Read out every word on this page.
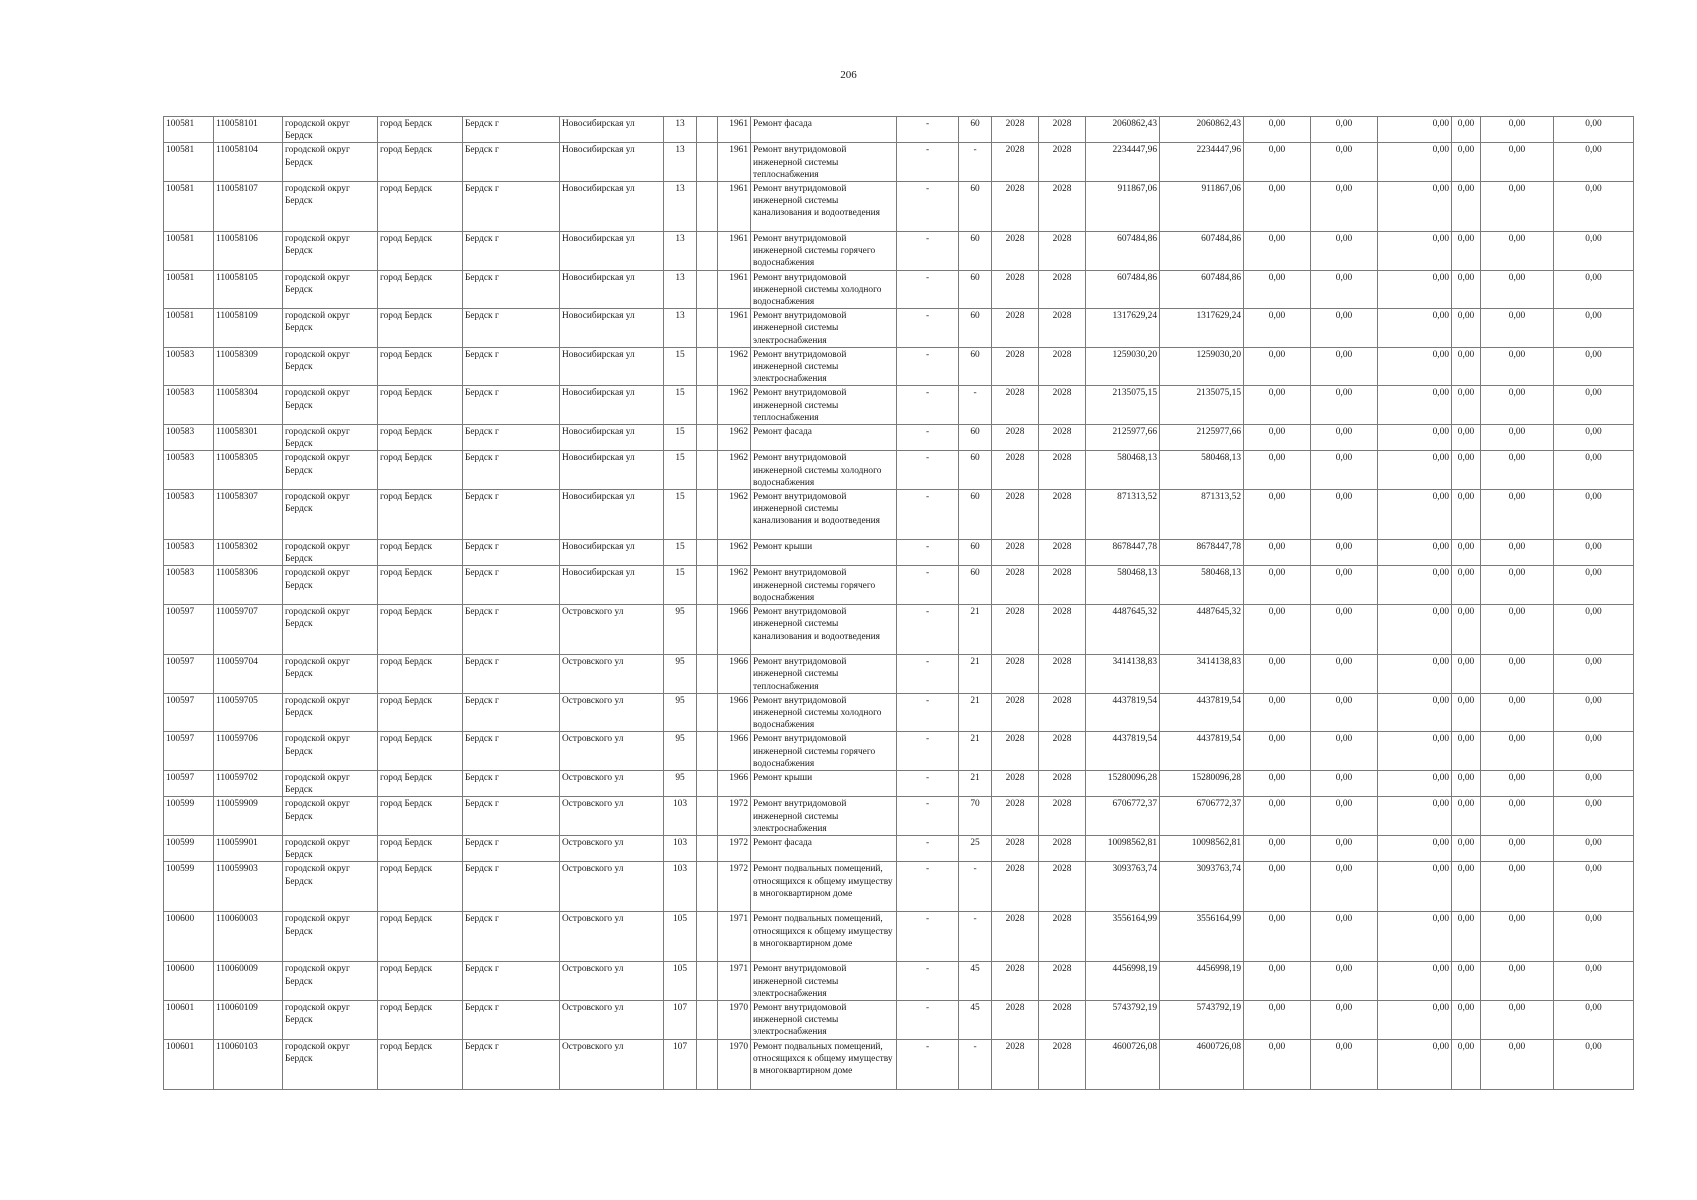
206
100581	110058101	городской округ Бердск	город Бердск	Бердск г	Новосибирская ул	13		1961	Ремонт фасада	-	60	2028	2028	2060862,43	2060862,43	0,00	0,00	0,00	0,00	0,00	0,00
100581	110058104	городской округ Бердск	город Бердск	Бердск г	Новосибирская ул	13		1961	Ремонт внутридомовой инженерной системы теплоснабжения	-	-	2028	2028	2234447,96	2234447,96	0,00	0,00	0,00	0,00	0,00	0,00
100581	110058107	городской округ Бердск	город Бердск	Бердск г	Новосибирская ул	13		1961	Ремонт внутридомовой инженерной системы канализования и водоотведения	-	60	2028	2028	911867,06	911867,06	0,00	0,00	0,00	0,00	0,00	0,00
100581	110058106	городской округ Бердск	город Бердск	Бердск г	Новосибирская ул	13		1961	Ремонт внутридомовой инженерной системы горячего водоснабжения	-	60	2028	2028	607484,86	607484,86	0,00	0,00	0,00	0,00	0,00	0,00
100581	110058105	городской округ Бердск	город Бердск	Бердск г	Новосибирская ул	13		1961	Ремонт внутридомовой инженерной системы холодного водоснабжения	-	60	2028	2028	607484,86	607484,86	0,00	0,00	0,00	0,00	0,00	0,00
100581	110058109	городской округ Бердск	город Бердск	Бердск г	Новосибирская ул	13		1961	Ремонт внутридомовой инженерной системы электроснабжения	-	60	2028	2028	1317629,24	1317629,24	0,00	0,00	0,00	0,00	0,00	0,00
100583	110058309	городской округ Бердск	город Бердск	Бердск г	Новосибирская ул	15		1962	Ремонт внутридомовой инженерной системы электроснабжения	-	60	2028	2028	1259030,20	1259030,20	0,00	0,00	0,00	0,00	0,00	0,00
100583	110058304	городской округ Бердск	город Бердск	Бердск г	Новосибирская ул	15		1962	Ремонт внутридомовой инженерной системы теплоснабжения	-	-	2028	2028	2135075,15	2135075,15	0,00	0,00	0,00	0,00	0,00	0,00
100583	110058301	городской округ Бердск	город Бердск	Бердск г	Новосибирская ул	15		1962	Ремонт фасада	-	60	2028	2028	2125977,66	2125977,66	0,00	0,00	0,00	0,00	0,00	0,00
100583	110058305	городской округ Бердск	город Бердск	Бердск г	Новосибирская ул	15		1962	Ремонт внутридомовой инженерной системы холодного водоснабжения	-	60	2028	2028	580468,13	580468,13	0,00	0,00	0,00	0,00	0,00	0,00
100583	110058307	городской округ Бердск	город Бердск	Бердск г	Новосибирская ул	15		1962	Ремонт внутридомовой инженерной системы канализования и водоотведения	-	60	2028	2028	871313,52	871313,52	0,00	0,00	0,00	0,00	0,00	0,00
100583	110058302	городской округ Бердск	город Бердск	Бердск г	Новосибирская ул	15		1962	Ремонт крыши	-	60	2028	2028	8678447,78	8678447,78	0,00	0,00	0,00	0,00	0,00	0,00
100583	110058306	городской округ Бердск	город Бердск	Бердск г	Новосибирская ул	15		1962	Ремонт внутридомовой инженерной системы горячего водоснабжения	-	60	2028	2028	580468,13	580468,13	0,00	0,00	0,00	0,00	0,00	0,00
100597	110059707	городской округ Бердск	город Бердск	Бердск г	Островского ул	95		1966	Ремонт внутридомовой инженерной системы канализования и водоотведения	-	21	2028	2028	4487645,32	4487645,32	0,00	0,00	0,00	0,00	0,00	0,00
100597	110059704	городской округ Бердск	город Бердск	Бердск г	Островского ул	95		1966	Ремонт внутридомовой инженерной системы теплоснабжения	-	21	2028	2028	3414138,83	3414138,83	0,00	0,00	0,00	0,00	0,00	0,00
100597	110059705	городской округ Бердск	город Бердск	Бердск г	Островского ул	95		1966	Ремонт внутридомовой инженерной системы холодного водоснабжения	-	21	2028	2028	4437819,54	4437819,54	0,00	0,00	0,00	0,00	0,00	0,00
100597	110059706	городской округ Бердск	город Бердск	Бердск г	Островского ул	95		1966	Ремонт внутридомовой инженерной системы горячего водоснабжения	-	21	2028	2028	4437819,54	4437819,54	0,00	0,00	0,00	0,00	0,00	0,00
100597	110059702	городской округ Бердск	город Бердск	Бердск г	Островского ул	95		1966	Ремонт крыши	-	21	2028	2028	15280096,28	15280096,28	0,00	0,00	0,00	0,00	0,00	0,00
100599	110059909	городской округ Бердск	город Бердск	Бердск г	Островского ул	103		1972	Ремонт внутридомовой инженерной системы электроснабжения	-	70	2028	2028	6706772,37	6706772,37	0,00	0,00	0,00	0,00	0,00	0,00
100599	110059901	городской округ Бердск	город Бердск	Бердск г	Островского ул	103		1972	Ремонт фасада	-	25	2028	2028	10098562,81	10098562,81	0,00	0,00	0,00	0,00	0,00	0,00
100599	110059903	городской округ Бердск	город Бердск	Бердск г	Островского ул	103		1972	Ремонт подвальных помещений, относящихся к общему имуществу в многоквартирном доме	-	-	2028	2028	3093763,74	3093763,74	0,00	0,00	0,00	0,00	0,00	0,00
100600	110060003	городской округ Бердск	город Бердск	Бердск г	Островского ул	105		1971	Ремонт подвальных помещений, относящихся к общему имуществу в многоквартирном доме	-	-	2028	2028	3556164,99	3556164,99	0,00	0,00	0,00	0,00	0,00	0,00
100600	110060009	городской округ Бердск	город Бердск	Бердск г	Островского ул	105		1971	Ремонт внутридомовой инженерной системы электроснабжения	-	45	2028	2028	4456998,19	4456998,19	0,00	0,00	0,00	0,00	0,00	0,00
100601	110060109	городской округ Бердск	город Бердск	Бердск г	Островского ул	107		1970	Ремонт внутридомовой инженерной системы электроснабжения	-	45	2028	2028	5743792,19	5743792,19	0,00	0,00	0,00	0,00	0,00	0,00
100601	110060103	городской округ Бердск	город Бердск	Бердск г	Островского ул	107		1970	Ремонт подвальных помещений, относящихся к общему имуществу в многоквартирном доме	-	-	2028	2028	4600726,08	4600726,08	0,00	0,00	0,00	0,00	0,00	0,00
